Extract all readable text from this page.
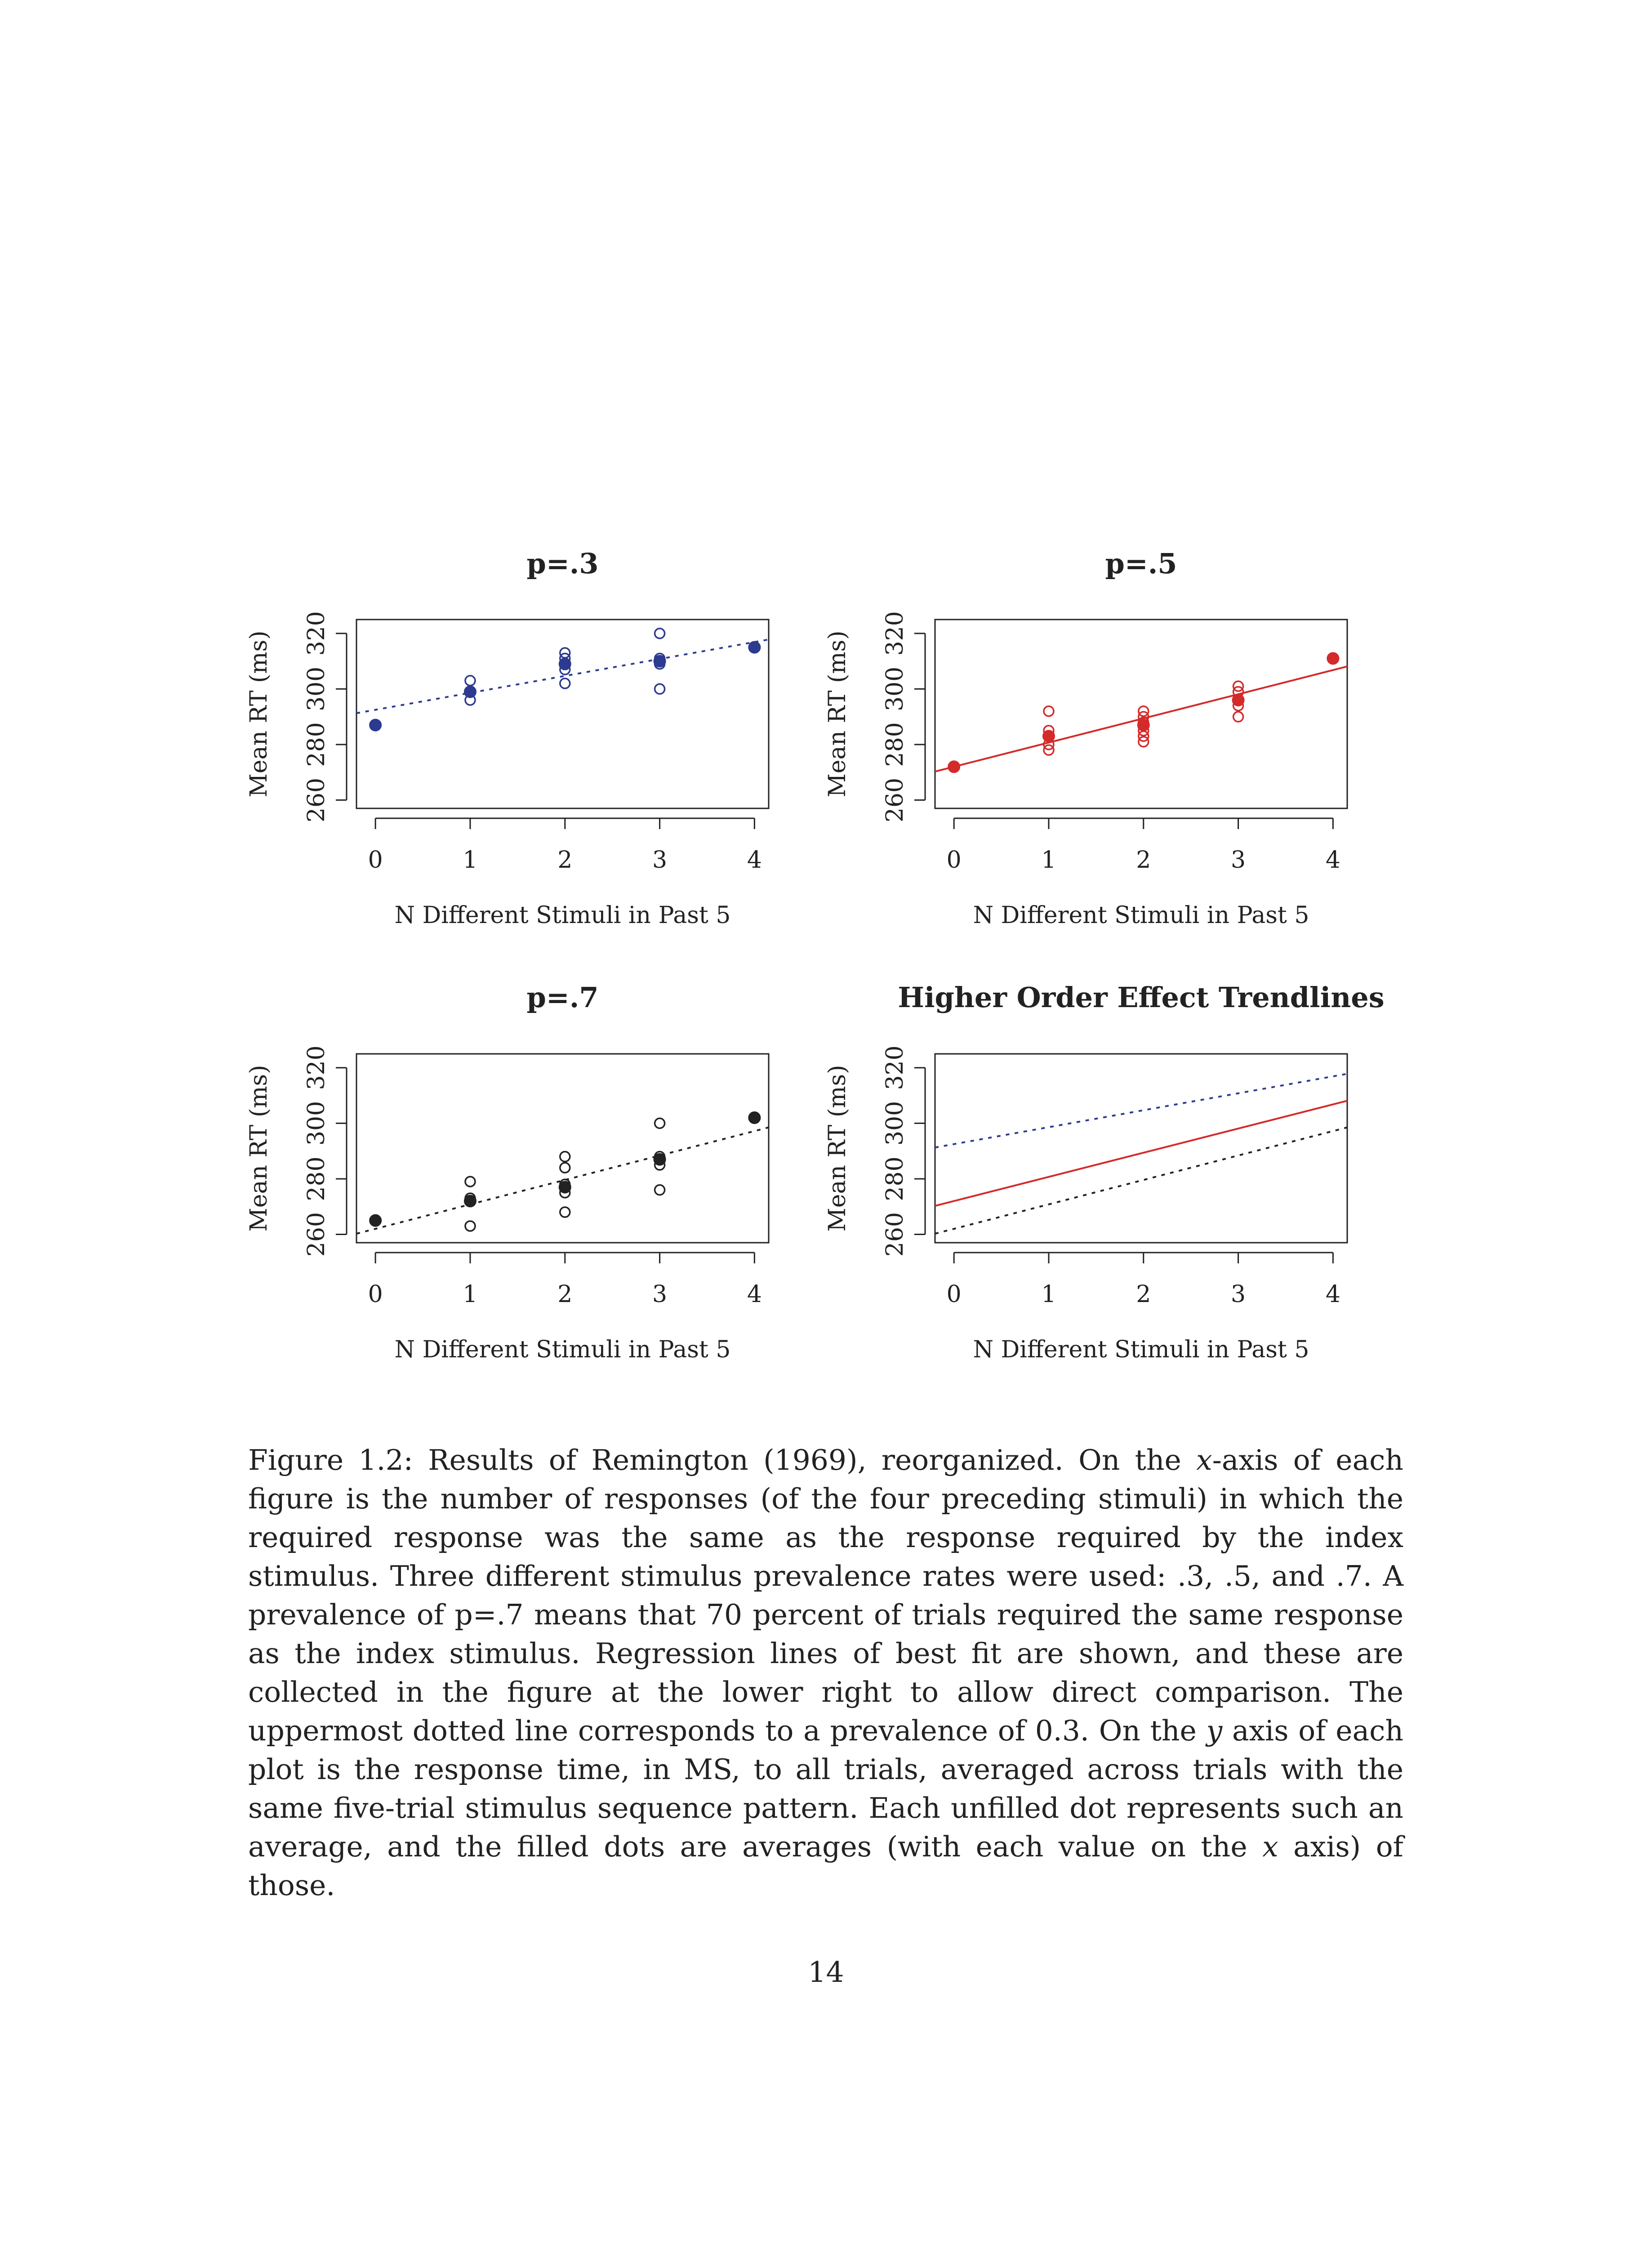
p=.3
0	1	2	3	4
N Different Stimuli in Past 5
260
280
300
320
Mean RT (ms)
p=.5
0	1	2	3	4
N Different Stimuli in Past 5
260
280
300
320
Mean RT (ms)
p=.7
0	1	2	3	4
N Different Stimuli in Past 5
260
280
300
320
Mean RT (ms)
Higher Order Effect Trendlines
0	1	2	3	4
N Different Stimuli in Past 5
260
280
300
320
Mean RT (ms)

Figure 1.2: Results of Remington (1969), reorganized. On the x-axis of each figure is the number of responses (of the four preceding stimuli) in which the required response was the same as the response required by the index stimulus. Three different stimulus prevalence rates were used: .3, .5, and .7. A prevalence of p=.7 means that 70 percent of trials required the same response as the index stimulus. Regression lines of best fit are shown, and these are collected in the figure at the lower right to allow direct comparison. The uppermost dotted line corresponds to a prevalence of 0.3. On the y axis of each plot is the response time, in MS, to all trials, averaged across trials with the same five-trial stimulus sequence pattern. Each unfilled dot represents such an average, and the filled dots are averages (with each value on the x axis) of those.

14
